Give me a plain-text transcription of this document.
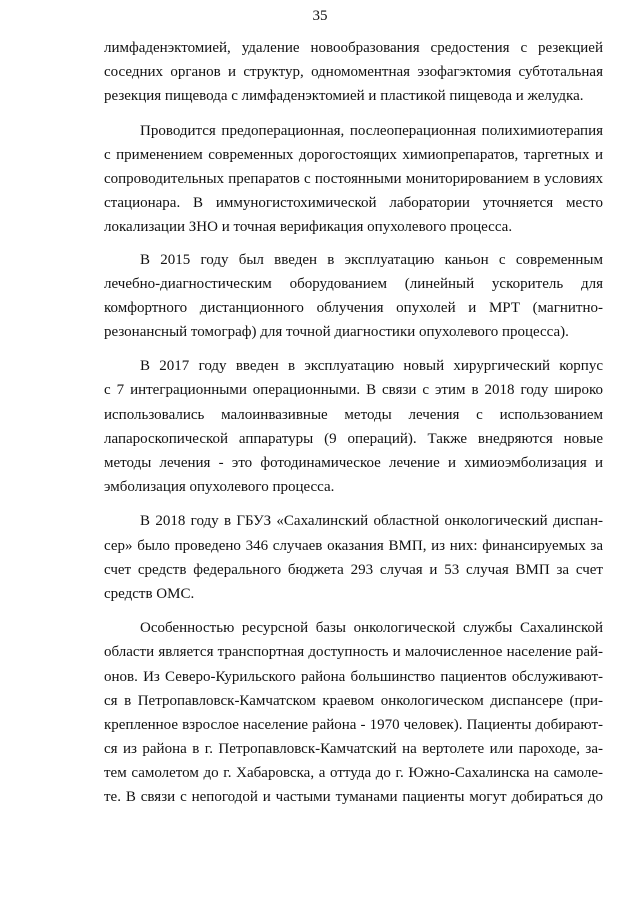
35

лимфаденэктомией, удаление новообразования средостения с резекцией
соседних органов и структур, одномоментная эзофагэктомия субтотальная
резекция пищевода с лимфаденэктомией и пластикой пищевода и желудка.

Проводится предоперационная, послеоперационная полихимиотерапия
с применением современных дорогостоящих химиопрепаратов, таргетных и
сопроводительных препаратов с постоянными мониторированием в условиях
стационара. В иммуногистохимической лаборатории уточняется место
локализации ЗНО и точная верификация опухолевого процесса.

В 2015 году был введен в эксплуатацию каньон с современным
лечебно-диагностическим оборудованием (линейный ускоритель для
комфортного дистанционного облучения опухолей и МРТ (магнитно-
резонансный томограф) для точной диагностики опухолевого процесса).

В 2017 году введен в эксплуатацию новый хирургический корпус
с 7 интеграционными операционными. В связи с этим в 2018 году широко
использовались малоинвазивные методы лечения с использованием
лапароскопической аппаратуры (9 операций). Также внедряются новые
методы лечения - это фотодинамическое лечение и химиоэмболизация и
эмболизация опухолевого процесса.

В 2018 году в ГБУЗ «Сахалинский областной онкологический диспан-
сер» было проведено 346 случаев оказания ВМП, из них: финансируемых за
счет средств федерального бюджета 293 случая и 53 случая ВМП за счет
средств ОМС.

Особенностью ресурсной базы онкологической службы Сахалинской
области является транспортная доступность и малочисленное население рай-
онов. Из Северо-Курильского района большинство пациентов обслуживают-
ся в Петропавловск-Камчатском краевом онкологическом диспансере (при-
крепленное взрослое население района - 1970 человек). Пациенты добирают-
ся из района в г. Петропавловск-Камчатский на вертолете или пароходе, за-
тем самолетом до г. Хабаровска, а оттуда до г. Южно-Сахалинска на самоле-
те. В связи с непогодой и частыми туманами пациенты могут добираться до
